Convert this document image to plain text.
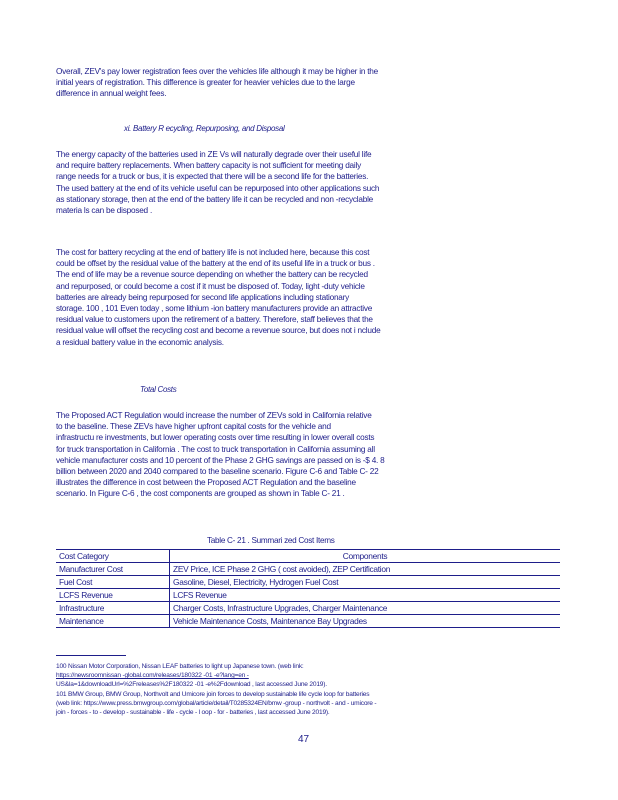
Overall, ZEV's pay lower registration fees over the vehicles life although it may be higher in the
initial years of registration. This difference is greater for heavier vehicles due to the large
difference in annual weight fees.
xi. Battery R ecycling, Repurposing, and Disposal
The energy capacity of the batteries used in ZE Vs will naturally degrade over their useful life
and require battery replacements. When battery capacity is not sufficient for meeting daily
range needs for a truck or bus, it is expected that there will be a second life for the batteries.
The used battery at the end of its vehicle useful can be repurposed into other applications such
as stationary storage, then at the end of the battery life it can be recycled and non -recyclable
materia ls can be disposed .
The cost for battery recycling at the end of battery life is not included here, because this cost
could be offset by the residual value of the battery at the end of its useful life in a truck or bus .
The end of life may be a revenue source depending on whether the battery can be recycled
and repurposed, or could become a cost if it must be disposed of. Today, light -duty vehicle
batteries are already being repurposed for second life applications including stationary
storage. 100 , 101 Even today , some lithium -ion battery manufacturers provide an attractive
residual value to customers upon the retirement of a battery. Therefore, staff believes that the
residual value will offset the recycling cost and become a revenue source, but does not i nclude
a residual battery value in the economic analysis.
Total Costs
The Proposed ACT Regulation would increase the number of ZEVs sold in California relative
to the baseline. These ZEVs have higher upfront capital costs for the vehicle and
infrastructu re investments, but lower operating costs over time resulting in lower overall costs
for truck transportation in California . The cost to truck transportation in California assuming all
vehicle manufacturer costs and 10 percent of the Phase 2 GHG savings are passed on is -$ 4. 8
billion between 2020 and 2040 compared to the baseline scenario. Figure C-6 and Table C- 22
illustrates the difference in cost between the Proposed ACT Regulation and the baseline
scenario. In Figure C-6 , the cost components are grouped as shown in Table C- 21 .
Table C- 21 . Summari zed Cost Items
Cost Category	Components
Manufacturer Cost	ZEV Price, ICE Phase 2 GHG ( cost avoided), ZEP Certification
Fuel Cost	Gasoline, Diesel, Electricity, Hydrogen Fuel Cost
LCFS Revenue	LCFS Revenue
Infrastructure	Charger Costs, Infrastructure Upgrades, Charger Maintenance
Maintenance	Vehicle Maintenance Costs, Maintenance Bay Upgrades
100 Nissan Motor Corporation, Nissan LEAF batteries to light up Japanese town. (web link:
https://newsroomnissan -global.com/releases/180322 -01 -e?lang=en -
US&la=1&downloadUrl=%2Freleases%2F180322 -01 -e%2Fdownload , last accessed June 2019).
101 BMW Group, BMW Group, Northvolt and Umicore join forces to develop sustainable life cycle loop for batteries
(web link: https://www.press.bmwgroup.com/global/article/detail/T0285324EN/bmw -group - northvolt - and - umicore -
join - forces - to - develop - sustainable - life - cycle - l oop - for - batteries , last accessed June 2019).
47
